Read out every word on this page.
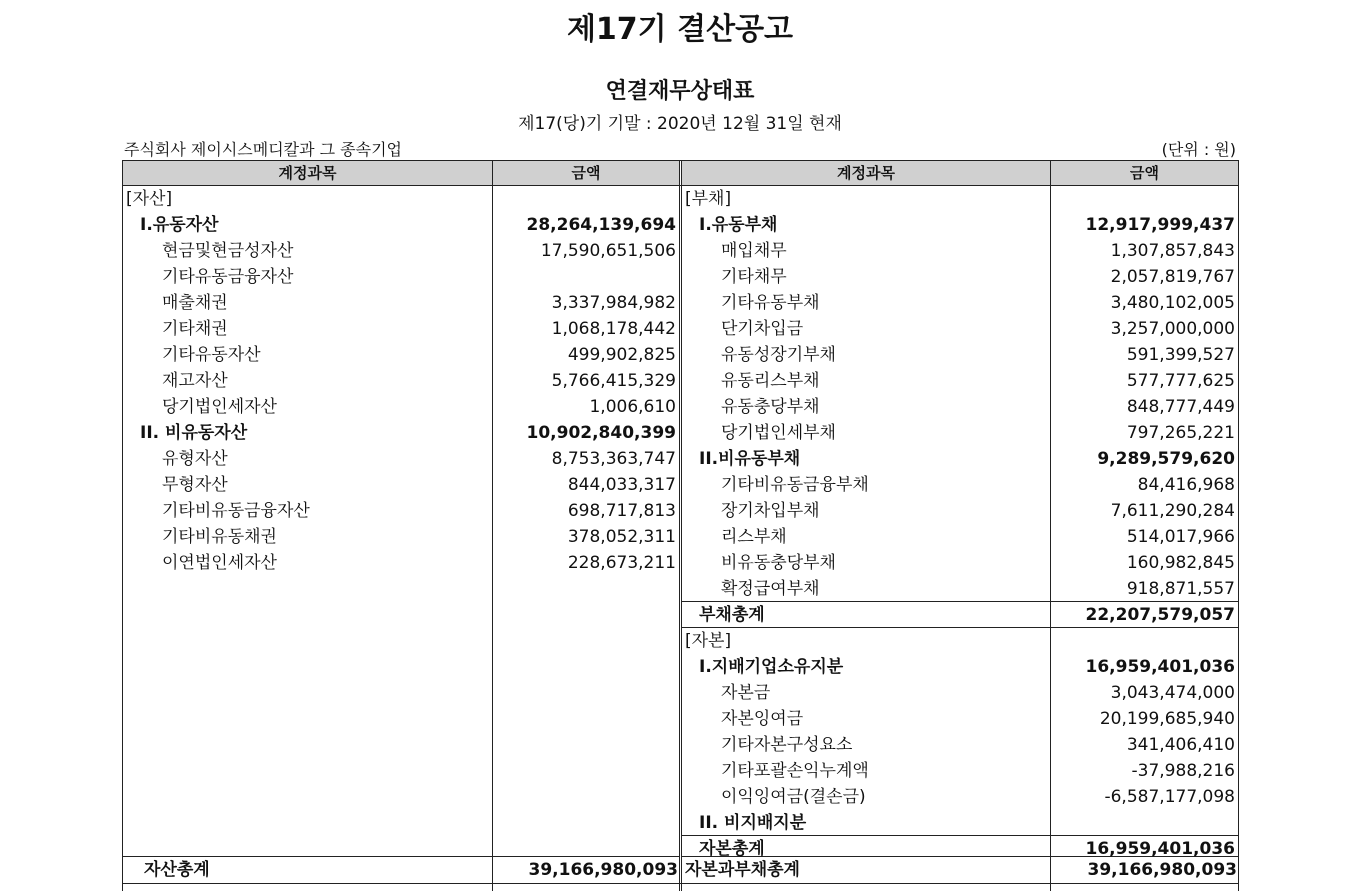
제17기 결산공고
연결재무상태표
제17(당)기 기말 : 2020년 12월 31일 현재
주식회사 제이시스메디칼과 그 종속기업	(단위 : 원)
계정과목	금액	계정과목	금액
[자산]
I.유동자산	28,264,139,694
현금및현금성자산	17,590,651,506
기타유동금융자산
매출채권	3,337,984,982
기타채권	1,068,178,442
기타유동자산	499,902,825
재고자산	5,766,415,329
당기법인세자산	1,006,610
II. 비유동자산	10,902,840,399
유형자산	8,753,363,747
무형자산	844,033,317
기타비유동금융자산	698,717,813
기타비유동채권	378,052,311
이연법인세자산	228,673,211
[부채]
I.유동부채	12,917,999,437
매입채무	1,307,857,843
기타채무	2,057,819,767
기타유동부채	3,480,102,005
단기차입금	3,257,000,000
유동성장기부채	591,399,527
유동리스부채	577,777,625
유동충당부채	848,777,449
당기법인세부채	797,265,221
II.비유동부채	9,289,579,620
기타비유동금융부채	84,416,968
장기차입부채	7,611,290,284
리스부채	514,017,966
비유동충당부채	160,982,845
확정급여부채	918,871,557
부채총계	22,207,579,057
[자본]
I.지배기업소유지분	16,959,401,036
자본금	3,043,474,000
자본잉여금	20,199,685,940
기타자본구성요소	341,406,410
기타포괄손익누계액	-37,988,216
이익잉여금(결손금)	-6,587,177,098
II. 비지배지분
자본총계	16,959,401,036
자산총계	39,166,980,093 자본과부채총계	39,166,980,093
